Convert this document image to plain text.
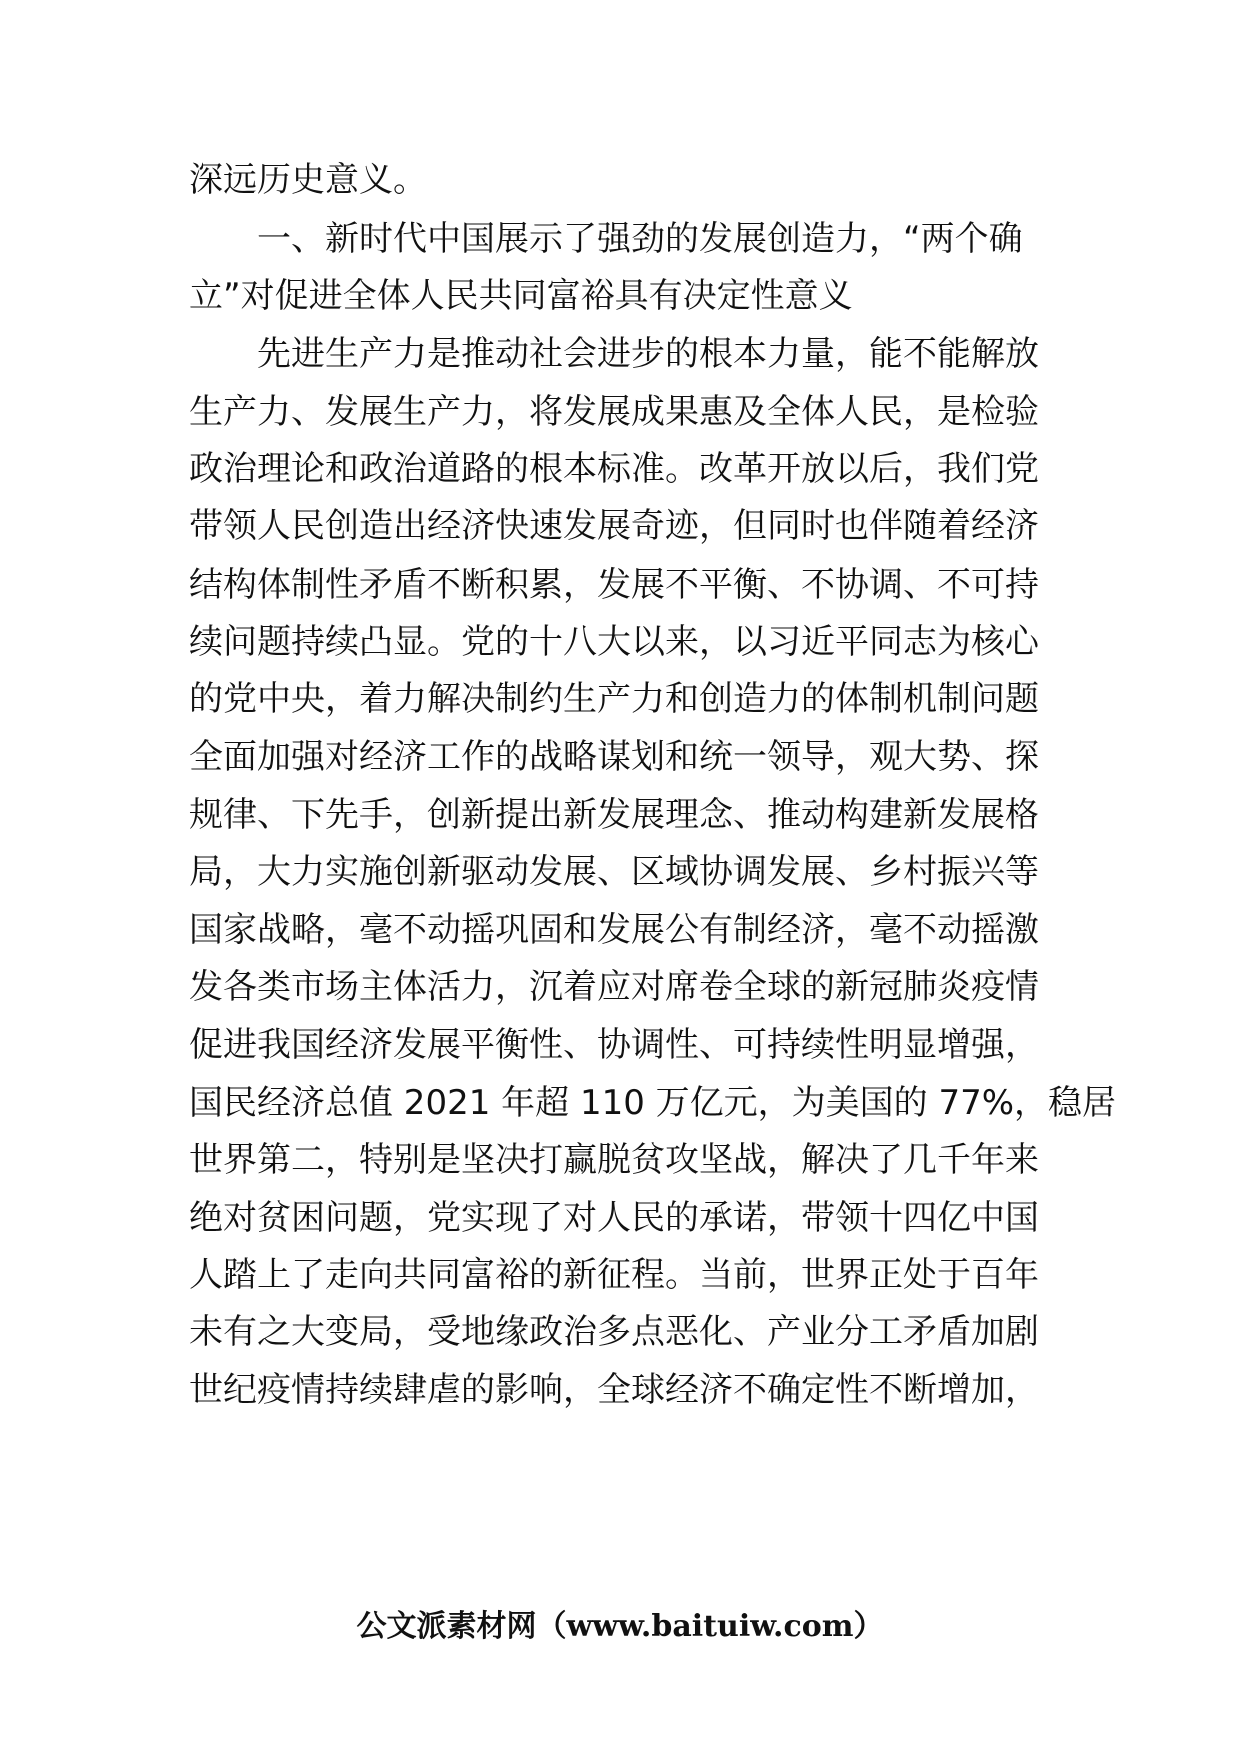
深远历史意义。
一、新时代中国展示了强劲的发展创造力，“两个确
立”对促进全体人民共同富裕具有决定性意义
先进生产力是推动社会进步的根本力量，能不能解放
生产力、发展生产力，将发展成果惠及全体人民，是检验
政治理论和政治道路的根本标准。改革开放以后，我们党
带领人民创造出经济快速发展奇迹，但同时也伴随着经济
结构体制性矛盾不断积累，发展不平衡、不协调、不可持
续问题持续凸显。党的十八大以来，以习近平同志为核心
的党中央，着力解决制约生产力和创造力的体制机制问题
全面加强对经济工作的战略谋划和统一领导，观大势、探
规律、下先手，创新提出新发展理念、推动构建新发展格
局，大力实施创新驱动发展、区域协调发展、乡村振兴等
国家战略，毫不动摇巩固和发展公有制经济，毫不动摇激
发各类市场主体活力，沉着应对席卷全球的新冠肺炎疫情
促进我国经济发展平衡性、协调性、可持续性明显增强，
国民经济总值 2021 年超 110 万亿元，为美国的 77%，稳居
世界第二，特别是坚决打赢脱贫攻坚战，解决了几千年来
绝对贫困问题，党实现了对人民的承诺，带领十四亿中国
人踏上了走向共同富裕的新征程。当前，世界正处于百年
未有之大变局，受地缘政治多点恶化、产业分工矛盾加剧
世纪疫情持续肆虐的影响，全球经济不确定性不断增加，
公文派素材网（www.baituiw.com）
